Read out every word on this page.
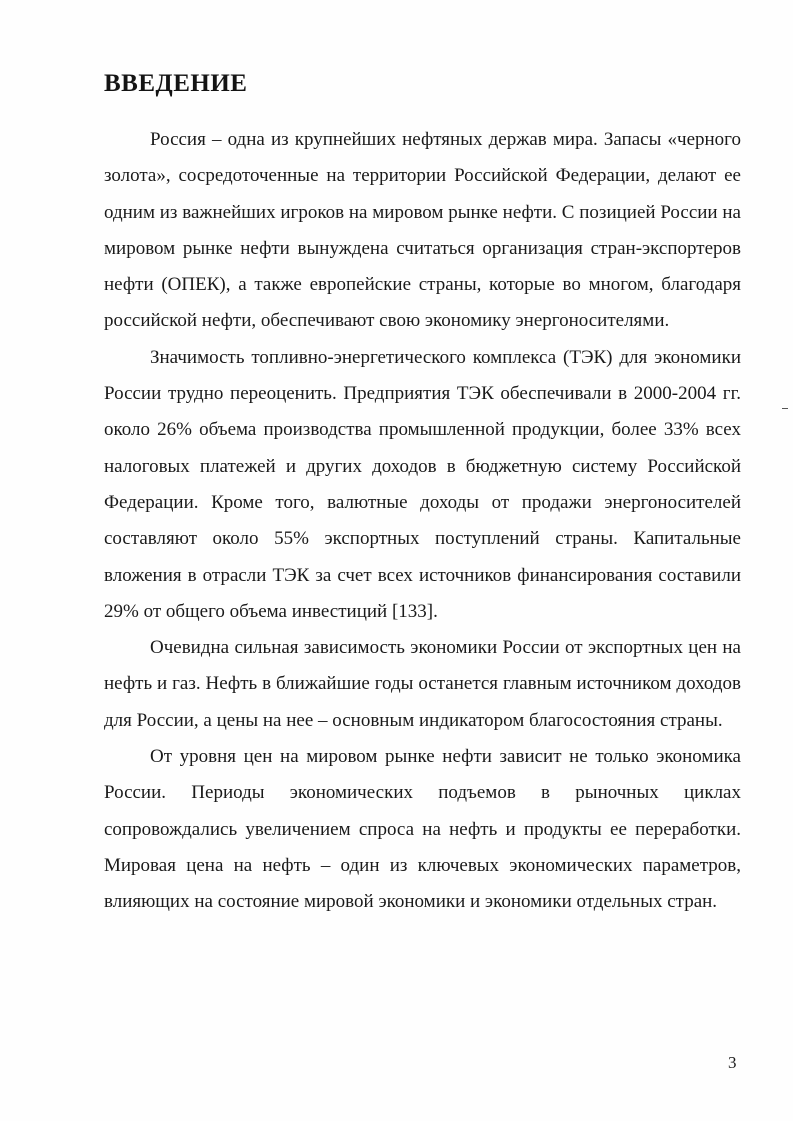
ВВЕДЕНИЕ

Россия – одна из крупнейших нефтяных держав мира. Запасы «черного золота», сосредоточенные на территории Российской Федерации, делают ее одним из важнейших игроков на мировом рынке нефти. С позицией России на мировом рынке нефти вынуждена считаться организация стран-экспортеров нефти (ОПЕК), а также европейские страны, которые во многом, благодаря российской нефти, обеспечивают свою экономику энергоносителями.

Значимость топливно-энергетического комплекса (ТЭК) для экономики России трудно переоценить. Предприятия ТЭК обеспечивали в 2000-2004 гг. около 26% объема производства промышленной продукции, более 33% всех налоговых платежей и других доходов в бюджетную систему Российской Федерации. Кроме того, валютные доходы от продажи энергоносителей составляют около 55% экспортных поступлений страны. Капитальные вложения в отрасли ТЭК за счет всех источников финансирования составили 29% от общего объема инвестиций [133].

Очевидна сильная зависимость экономики России от экспортных цен на нефть и газ. Нефть в ближайшие годы останется главным источником доходов для России, а цены на нее – основным индикатором благосостояния страны.

От уровня цен на мировом рынке нефти зависит не только экономика России. Периоды экономических подъемов в рыночных циклах сопровождались увеличением спроса на нефть и продукты ее переработки. Мировая цена на нефть – один из ключевых экономических параметров, влияющих на состояние мировой экономики и экономики отдельных стран.

3
